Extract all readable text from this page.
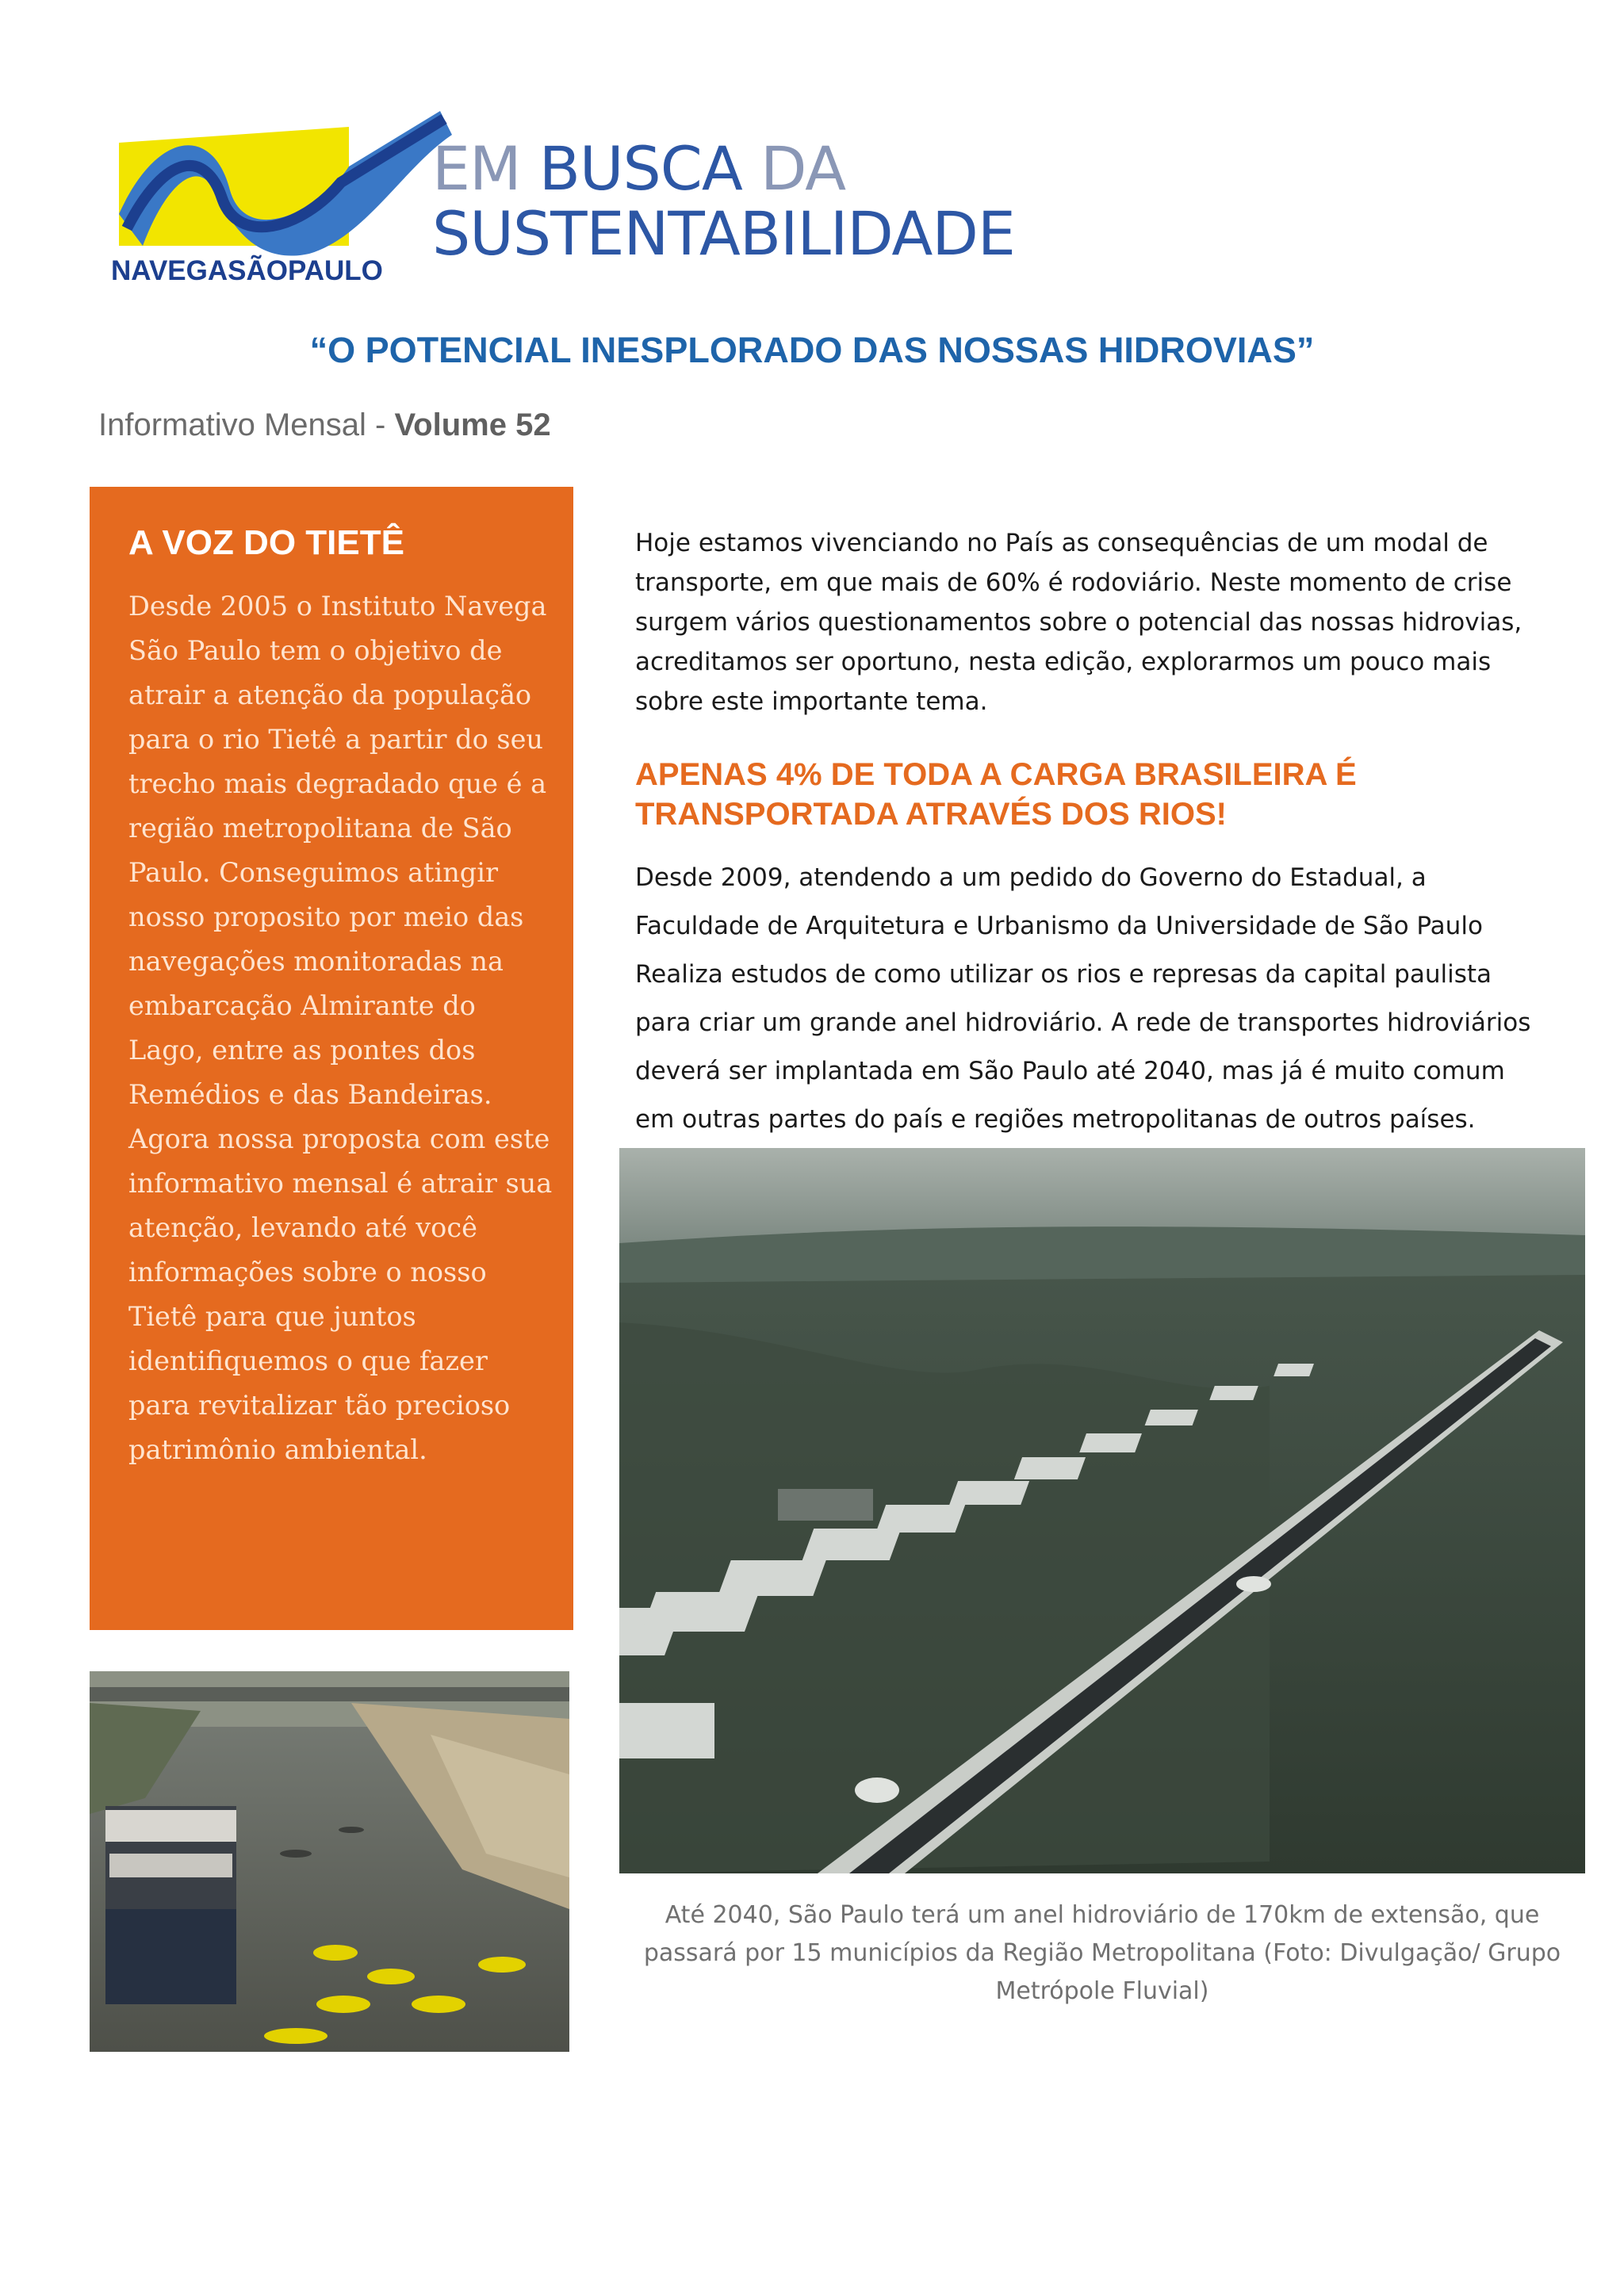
NAVEGASÃOPAULO
EM BUSCA DA
SUSTENTABILIDADE
“O POTENCIAL INESPLORADO DAS NOSSAS HIDROVIAS”
Informativo Mensal - Volume 52
A VOZ DO TIETÊ
Desde 2005 o Instituto Navega São Paulo tem o objetivo de atrair a atenção da população para o rio Tietê a partir do seu trecho mais degradado que é a região metropolitana de São Paulo. Conseguimos atingir nosso proposito por meio das navegações monitoradas na embarcação Almirante do Lago, entre as pontes dos Remédios e das Bandeiras. Agora nossa proposta com este informativo mensal é atrair sua atenção, levando até você informações sobre o nosso Tietê para que juntos identifiquemos o que fazer para revitalizar tão precioso patrimônio ambiental.
Hoje estamos vivenciando no País as consequências de um modal de transporte, em que mais de 60% é rodoviário. Neste momento de crise surgem vários questionamentos sobre o potencial das nossas hidrovias, acreditamos ser oportuno, nesta edição, explorarmos um pouco mais sobre este importante tema.
APENAS 4% DE TODA A CARGA BRASILEIRA É TRANSPORTADA ATRAVÉS DOS RIOS!
Desde 2009, atendendo a um pedido do Governo do Estadual, a Faculdade de Arquitetura e Urbanismo da Universidade de São Paulo Realiza estudos de como utilizar os rios e represas da capital paulista para criar um grande anel hidroviário. A rede de transportes hidroviários deverá ser implantada em São Paulo até 2040, mas já é muito comum em outras partes do país e regiões metropolitanas de outros países.
Até 2040, São Paulo terá um anel hidroviário de 170km de extensão, que passará por 15 municípios da Região Metropolitana (Foto: Divulgação/ Grupo Metrópole Fluvial)
